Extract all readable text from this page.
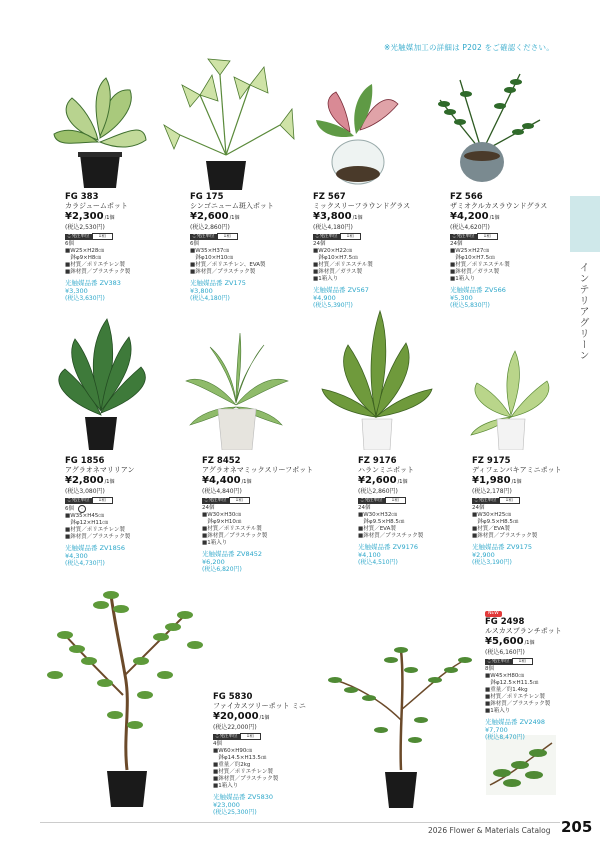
※光触媒加工の詳細は P202 をご確認ください。
インテリアグリーン
FG 383
カラジュームポット
¥2,300/1個
(税込2,530円)
ご発注単位	1箱
6個
■W25×H28㎝
　鉢φ9×H8㎝
■材質／ポリエチレン製
■鉢材質／プラスチック製
光触媒品番 ZV383
¥3,300
(税込3,630円)
FG 175
シンゴニューム斑入ポット
¥2,600/1個
(税込2,860円)
ご発注単位	1箱
6個
■W35×H37㎝
　鉢φ10×H10㎝
■材質／ポリエチレン、EVA製
■鉢材質／プラスチック製
光触媒品番 ZV175
¥3,800
(税込4,180円)
FZ 567
ミックスリーフラウンドグラス
¥3,800/1個
(税込4,180円)
ご発注単位	1箱
24個
■W20×H22㎝
　鉢φ10×H7.5㎝
■材質／ポリエステル製
■鉢材質／ガラス製
■1箱入り
光触媒品番 ZV567
¥4,900
(税込5,390円)
FZ 566
ザミオクルカスラウンドグラス
¥4,200/1個
(税込4,620円)
ご発注単位	1箱
24個
■W25×H27㎝
　鉢φ10×H7.5㎝
■材質／ポリエステル製
■鉢材質／ガラス製
■1箱入り
光触媒品番 ZV566
¥5,300
(税込5,830円)
FG 1856
アグラオネマリリアン
¥2,800/1個
(税込3,080円)
ご発注単位	1箱
6個 ◦
■W35×H45㎝
　鉢φ12×H11㎝
■材質／ポリエチレン製
■鉢材質／プラスチック製
光触媒品番 ZV1856
¥4,300
(税込4,730円)
FZ 8452
アグラオネマミックスリーフポット
¥4,400/1個
(税込4,840円)
ご発注単位	1箱
24個
■W30×H30㎝
　鉢φ9×H10㎝
■材質／ポリエステル製
■鉢材質／プラスチック製
■1箱入り
光触媒品番 ZV8452
¥6,200
(税込6,820円)
FZ 9176
ハランミニポット
¥2,600/1個
(税込2,860円)
ご発注単位	1箱
24個
■W30×H32㎝
　鉢φ9.5×H8.5㎝
■材質／EVA製
■鉢材質／プラスチック製
光触媒品番 ZV9176
¥4,100
(税込4,510円)
FZ 9175
ディフェンバキアミニポット
¥1,980/1個
(税込2,178円)
ご発注単位	1箱
24個
■W30×H25㎝
　鉢φ9.5×H8.5㎝
■材質／EVA製
■鉢材質／プラスチック製
光触媒品番 ZV9175
¥2,900
(税込3,190円)
FG 5830
ファイカスツリーポット ミニ
¥20,000/1個
(税込22,000円)
ご発注単位	1箱
4個
■W60×H90㎝
　鉢φ14.5×H13.5㎝
■重量／約2kg
■材質／ポリエチレン製
■鉢材質／プラスチック製
■1箱入り
光触媒品番 ZV5830
¥23,000
(税込25,300円)
NEW
FG 2498
ルスカスブランチポット
¥5,600/1個
(税込6,160円)
ご発注単位	1箱
8個
■W45×H80㎝
　鉢φ12.5×H11.5㎝
■重量／約1.4kg
■材質／ポリエチレン製
■鉢材質／プラスチック製
■1箱入り
光触媒品番 ZV2498
¥7,700
(税込8,470円)
2026 Flower & Materials Catalog 205
